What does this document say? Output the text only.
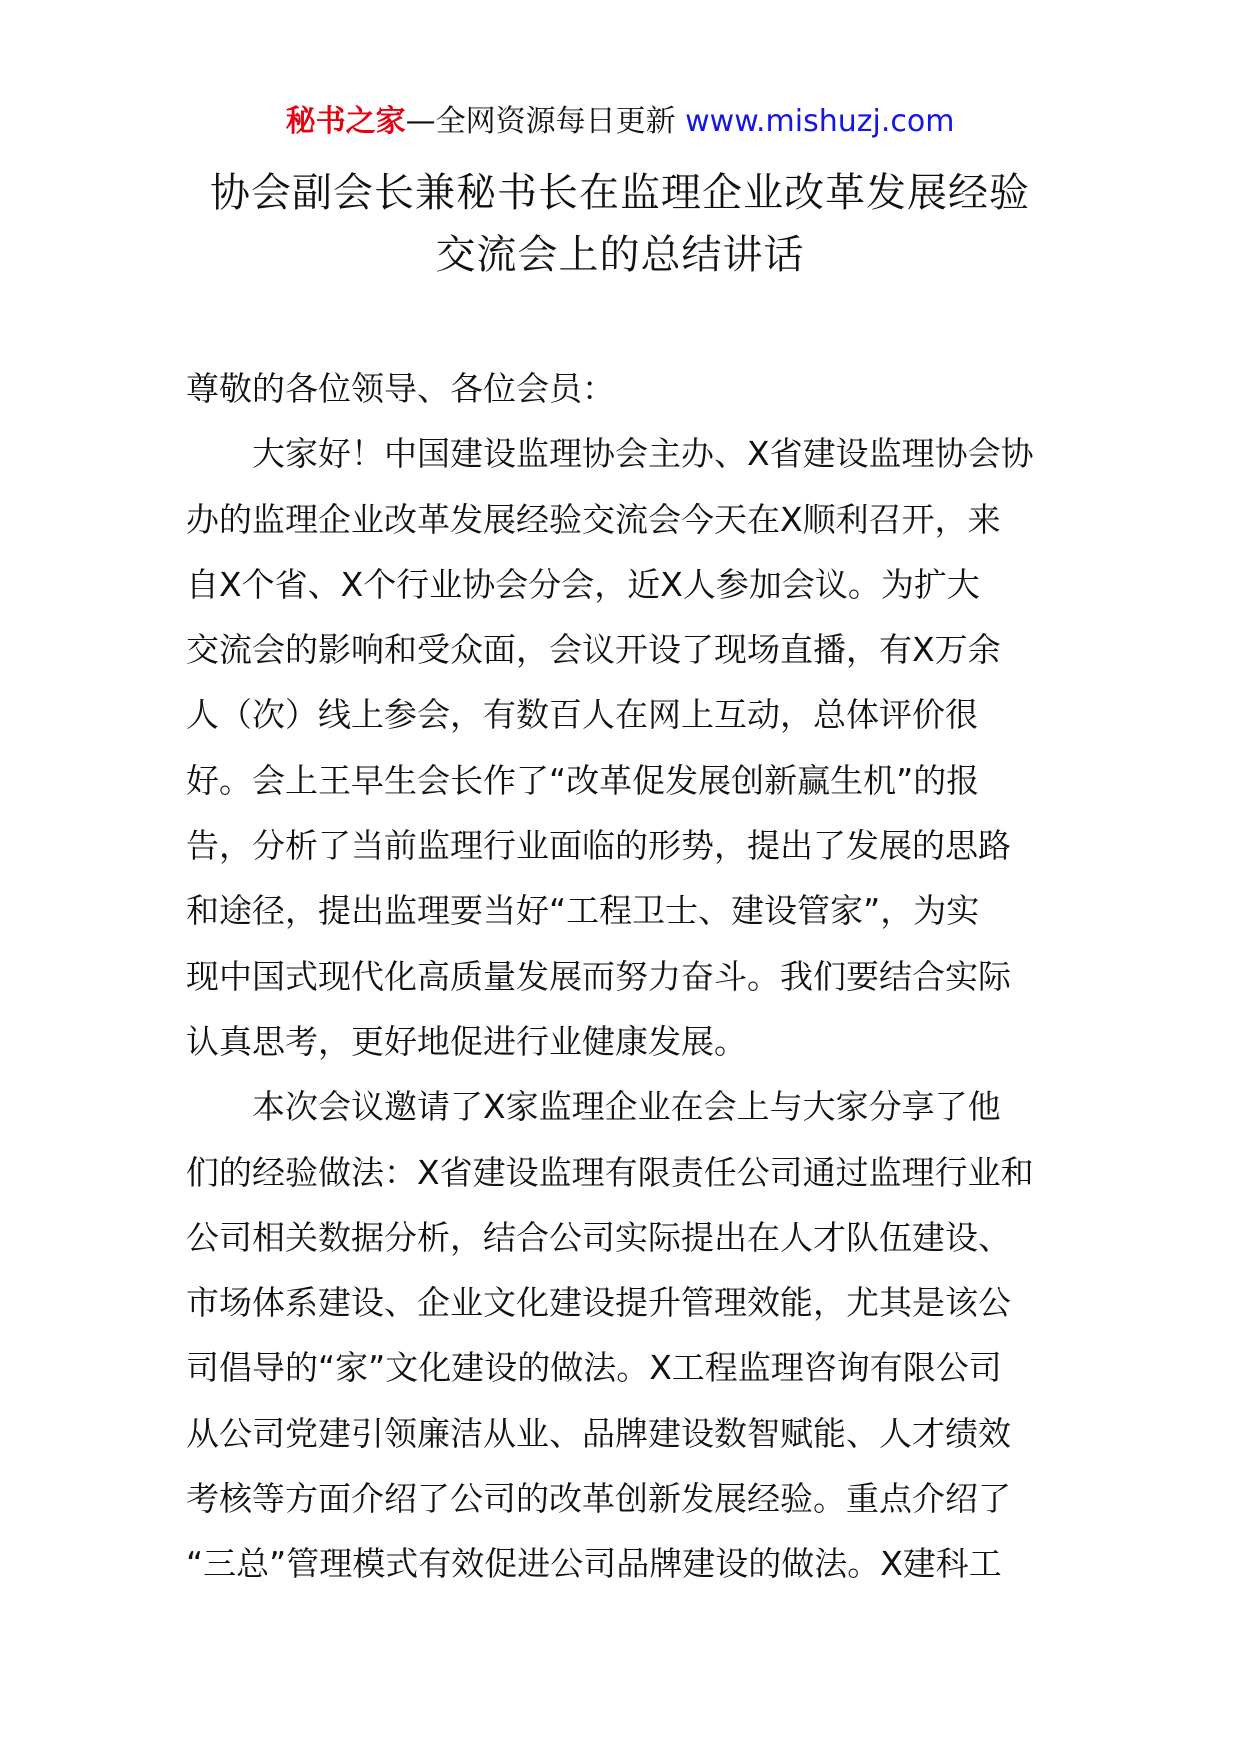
秘书之家—全网资源每日更新 www.mishuzj.com
协会副会长兼秘书长在监理企业改革发展经验
交流会上的总结讲话

尊敬的各位领导、各位会员：

大家好！中国建设监理协会主办、X省建设监理协会协

办的监理企业改革发展经验交流会今天在X顺利召开，来

自X个省、X个行业协会分会，近X人参加会议。为扩大

交流会的影响和受众面，会议开设了现场直播，有X万余

人（次）线上参会，有数百人在网上互动，总体评价很

好。会上王早生会长作了“改革促发展创新赢生机”的报

告，分析了当前监理行业面临的形势，提出了发展的思路

和途径，提出监理要当好“工程卫士、建设管家”，为实

现中国式现代化高质量发展而努力奋斗。我们要结合实际

认真思考，更好地促进行业健康发展。

本次会议邀请了X家监理企业在会上与大家分享了他

们的经验做法：X省建设监理有限责任公司通过监理行业和

公司相关数据分析，结合公司实际提出在人才队伍建设、

市场体系建设、企业文化建设提升管理效能，尤其是该公

司倡导的“家”文化建设的做法。X工程监理咨询有限公司

从公司党建引领廉洁从业、品牌建设数智赋能、人才绩效

考核等方面介绍了公司的改革创新发展经验。重点介绍了

“三总”管理模式有效促进公司品牌建设的做法。X建科工
